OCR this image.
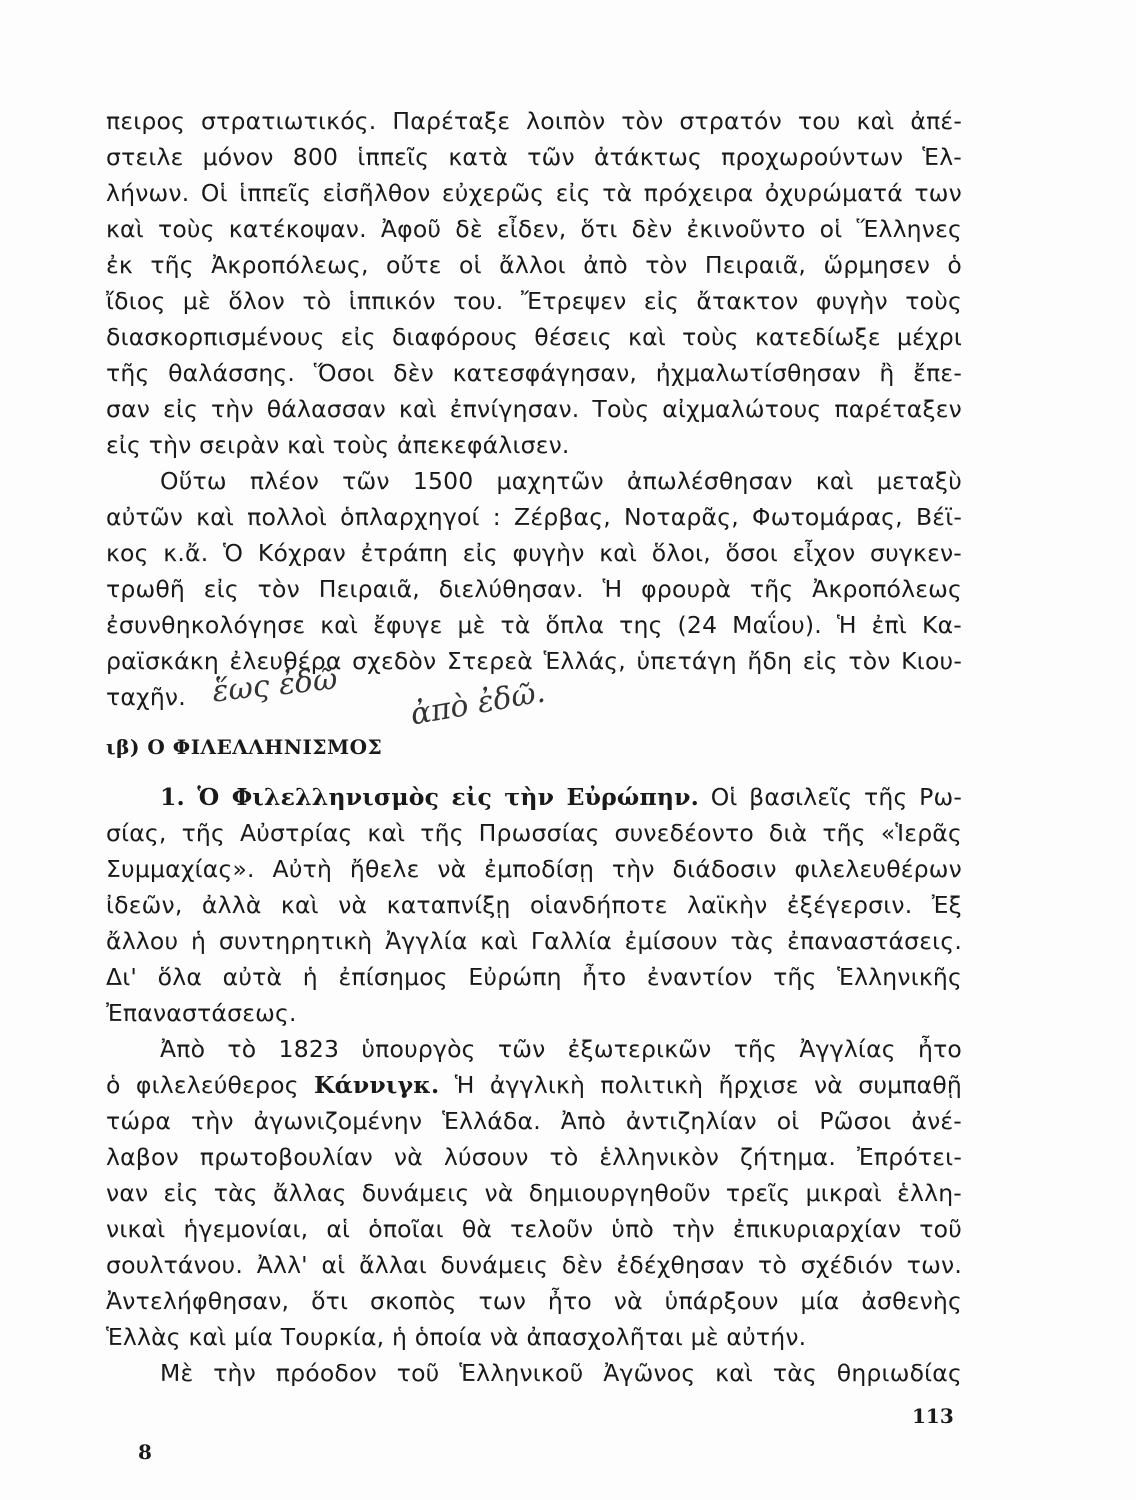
πειρος στρατιωτικός. Παρέταξε λοιπὸν τὸν στρατόν του καὶ ἀπέ-
στειλε μόνον 800 ἱππεῖς κατὰ τῶν ἀτάκτως προχωρούντων Ἑλ-
λήνων. Οἱ ἱππεῖς εἰσῆλθον εὐχερῶς εἰς τὰ πρόχειρα ὀχυρώματά των
καὶ τοὺς κατέκοψαν. Ἀφοῦ δὲ εἶδεν, ὅτι δὲν ἐκινοῦντο οἱ Ἕλληνες
ἐκ τῆς Ἀκροπόλεως, οὔτε οἱ ἄλλοι ἀπὸ τὸν Πειραιᾶ, ὥρμησεν ὁ
ἴδιος μὲ ὅλον τὸ ἱππικόν του. Ἔτρεψεν εἰς ἄτακτον φυγὴν τοὺς
διασκορπισμένους εἰς διαφόρους θέσεις καὶ τοὺς κατεδίωξε μέχρι
τῆς θαλάσσης. Ὅσοι δὲν κατεσφάγησαν, ἠχμαλωτίσθησαν ἢ ἔπε-
σαν εἰς τὴν θάλασσαν καὶ ἐπνίγησαν. Τοὺς αἰχμαλώτους παρέταξεν
εἰς τὴν σειρὰν καὶ τοὺς ἀπεκεφάλισεν.
Οὕτω πλέον τῶν 1500 μαχητῶν ἀπωλέσθησαν καὶ μεταξὺ
αὐτῶν καὶ πολλοὶ ὁπλαρχηγοί : Ζέρβας, Νοταρᾶς, Φωτομάρας, Βέϊ-
κος κ.ἄ. Ὁ Κόχραν ἐτράπη εἰς φυγὴν καὶ ὅλοι, ὅσοι εἶχον συγκεν-
τρωθῆ εἰς τὸν Πειραιᾶ, διελύθησαν. Ἡ φρουρὰ τῆς Ἀκροπόλεως
ἐσυνθηκολόγησε καὶ ἔφυγε μὲ τὰ ὅπλα της (24 Μαΐου). Ἡ ἐπὶ Κα-
ραϊσκάκη ἐλευθέρα σχεδὸν Στερεὰ Ἑλλάς, ὑπετάγη ἤδη εἰς τὸν Κιου-
ταχῆν.
ιβ) Ο ΦΙΛΕΛΛΗΝΙΣΜΟΣ
1. Ὁ Φιλελληνισμὸς εἰς τὴν Εὐρώπην. Οἱ βασιλεῖς τῆς Ρω-
σίας, τῆς Αὐστρίας καὶ τῆς Πρωσσίας συνεδέοντο διὰ τῆς «Ἱερᾶς
Συμμαχίας». Αὐτὴ ἤθελε νὰ ἐμποδίσῃ τὴν διάδοσιν φιλελευθέρων
ἰδεῶν, ἀλλὰ καὶ νὰ καταπνίξῃ οἱανδήποτε λαϊκὴν ἐξέγερσιν. Ἐξ
ἄλλου ἡ συντηρητικὴ Ἀγγλία καὶ Γαλλία ἐμίσουν τὰς ἐπαναστάσεις.
Δι' ὅλα αὐτὰ ἡ ἐπίσημος Εὐρώπη ἦτο ἐναντίον τῆς Ἑλληνικῆς
Ἐπαναστάσεως.
Ἀπὸ τὸ 1823 ὑπουργὸς τῶν ἐξωτερικῶν τῆς Ἀγγλίας ἦτο
ὁ φιλελεύθερος Κάννιγκ. Ἡ ἀγγλικὴ πολιτικὴ ἤρχισε νὰ συμπαθῇ
τώρα τὴν ἀγωνιζομένην Ἑλλάδα. Ἀπὸ ἀντιζηλίαν οἱ Ρῶσοι ἀνέ-
λαβον πρωτοβουλίαν νὰ λύσουν τὸ ἑλληνικὸν ζήτημα. Ἐπρότει-
ναν εἰς τὰς ἄλλας δυνάμεις νὰ δημιουργηθοῦν τρεῖς μικραὶ ἑλλη-
νικαὶ ἡγεμονίαι, αἱ ὁποῖαι θὰ τελοῦν ὑπὸ τὴν ἐπικυριαρχίαν τοῦ
σουλτάνου. Ἀλλ' αἱ ἄλλαι δυνάμεις δὲν ἐδέχθησαν τὸ σχέδιόν των.
Ἀντελήφθησαν, ὅτι σκοπὸς των ἦτο νὰ ὑπάρξουν μία ἀσθενὴς
Ἑλλὰς καὶ μία Τουρκία, ἡ ὁποία νὰ ἀπασχολῆται μὲ αὐτήν.
Μὲ τὴν πρόοδον τοῦ Ἑλληνικοῦ Ἀγῶνος καὶ τὰς θηριωδίας
ἕως ἐδῶ ἀπὸ ἐδῶ.
113
8
